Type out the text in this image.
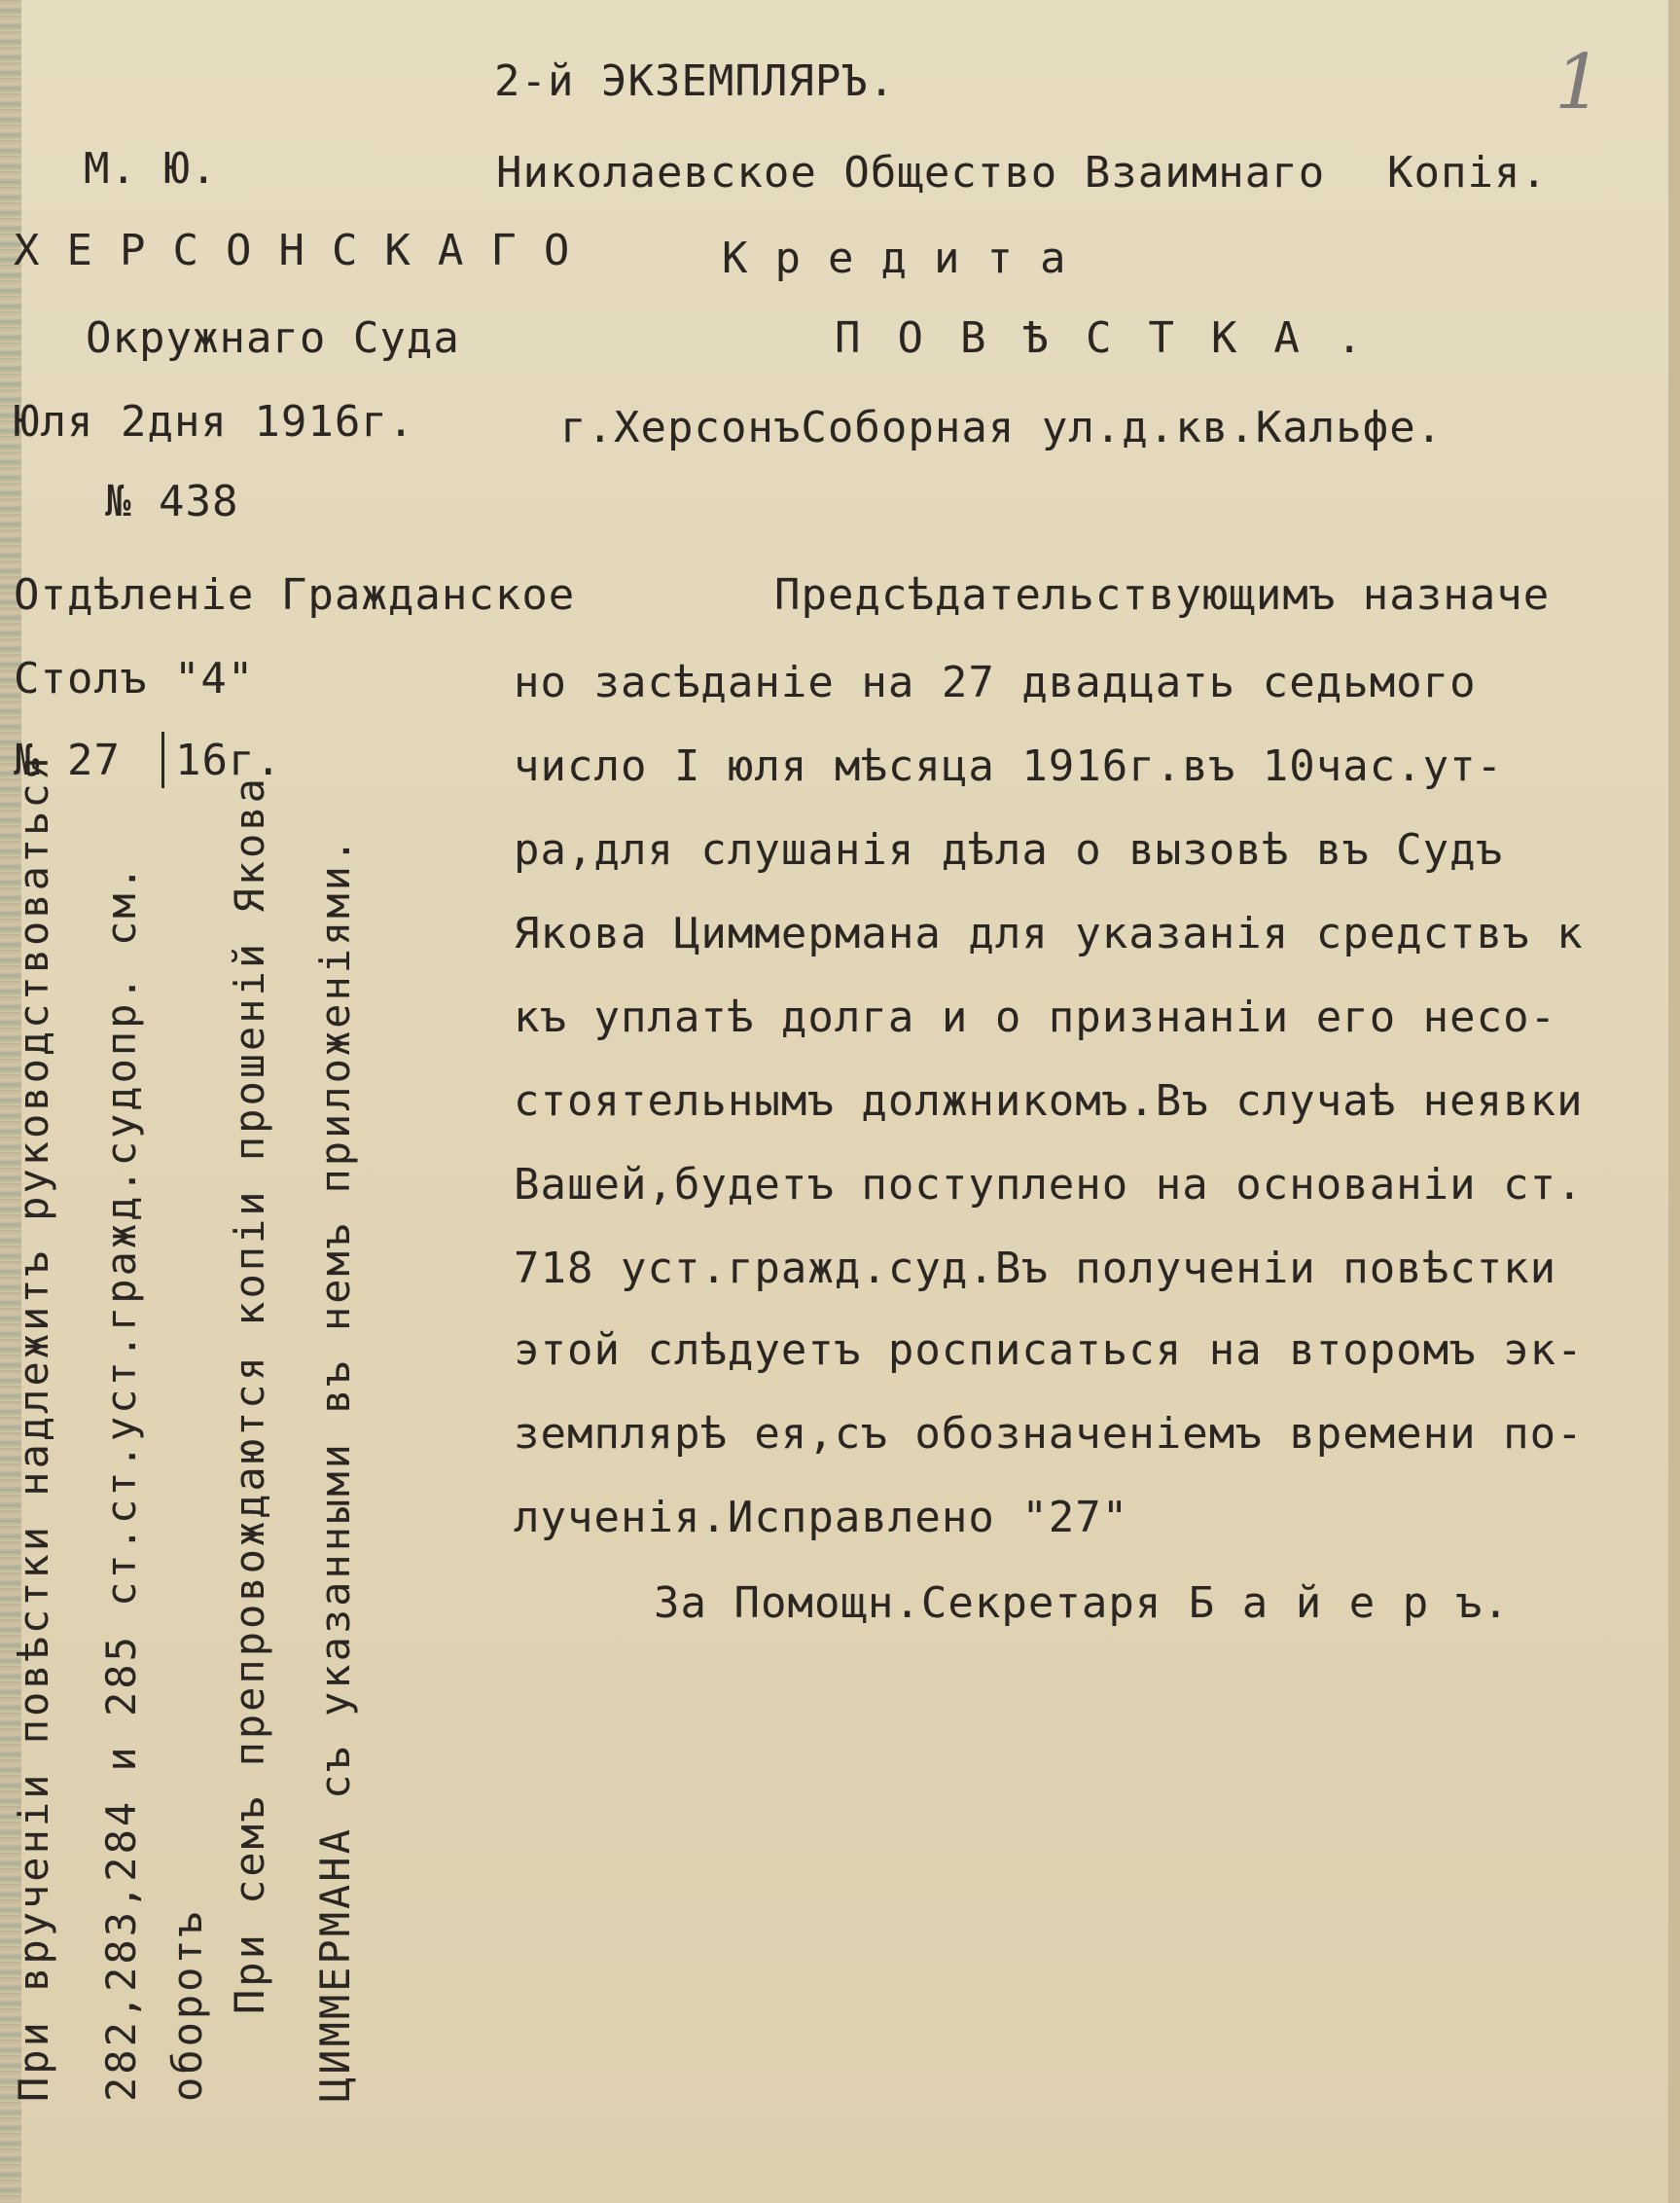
1
2-й ЭКЗЕМПЛЯРЪ.
М. Ю.
ХЕРСОНСКАГО
Окружнаго Суда
Юля 2дня 1916г.
№ 438
Отдѣленіе Гражданское
Столъ "4"
№ 27 16г.
Николаевское Общество Взаимнаго Копія.
Кредита
ПОВѢСТКА.
г.ХерсонъСоборная ул.д.кв.Кальфе.
Предсѣдательствующимъ назначе
но засѣданіе на 27 двадцать седьмого
число I юля мѣсяца 1916г.въ 10час.ут-
ра,для слушанія дѣла о вызовѣ въ Судъ
Якова Циммермана для указанія средствъ к
къ уплатѣ долга и о признаніи его несо-
стоятельнымъ должникомъ.Въ случаѣ неявки
Вашей,будетъ поступлено на основаніи ст.
718 уст.гражд.суд.Въ полученіи повѣстки
этой слѣдуетъ росписаться на второмъ эк-
земплярѣ ея,съ обозначеніемъ времени по-
лученія.Исправлено "27"
За Помощн.Секретаря Б а й е р ъ.
При врученіи повѣстки надлежитъ руководствоваться 282,283,284 и 285 ст.ст.уст.гражд.судопр. см. оборотъ При семъ препровождаются копіи прошеній Якова ЦИММЕРМАНА съ указанными въ немъ приложеніями.
